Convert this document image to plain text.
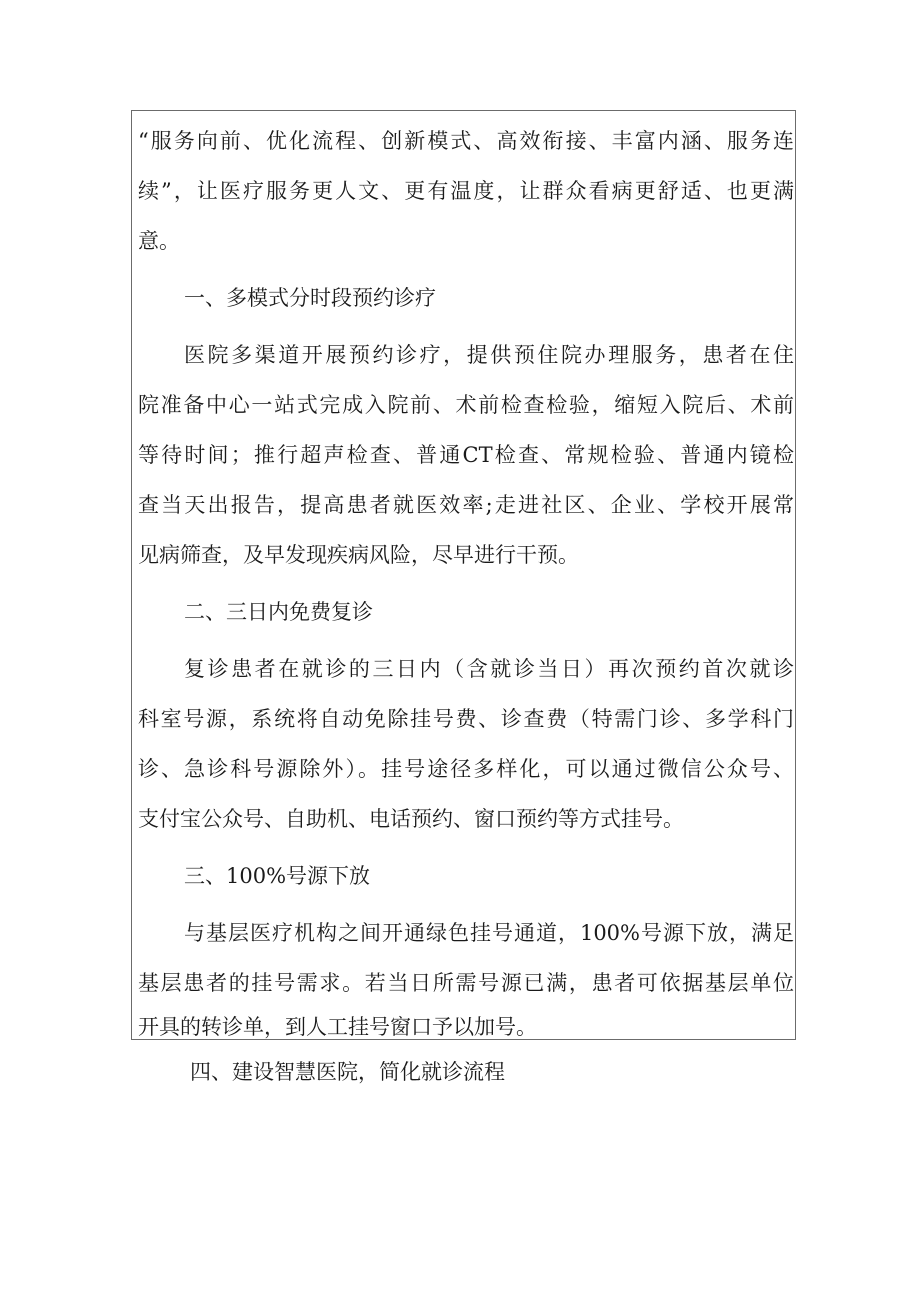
“服务向前、优化流程、创新模式、高效衔接、丰富内涵、服务连
续”，让医疗服务更人文、更有温度，让群众看病更舒适、也更满
意。
一、多模式分时段预约诊疗
医院多渠道开展预约诊疗，提供预住院办理服务，患者在住
院准备中心一站式完成入院前、术前检查检验，缩短入院后、术前
等待时间；推行超声检查、普通CT检查、常规检验、普通内镜检
查当天出报告，提高患者就医效率;走进社区、企业、学校开展常
见病筛查，及早发现疾病风险，尽早进行干预。
二、三日内免费复诊
复诊患者在就诊的三日内（含就诊当日）再次预约首次就诊
科室号源，系统将自动免除挂号费、诊查费（特需门诊、多学科门
诊、急诊科号源除外）。挂号途径多样化，可以通过微信公众号、
支付宝公众号、自助机、电话预约、窗口预约等方式挂号。
三、100%号源下放
与基层医疗机构之间开通绿色挂号通道，100%号源下放，满足
基层患者的挂号需求。若当日所需号源已满，患者可依据基层单位
开具的转诊单，到人工挂号窗口予以加号。
四、建设智慧医院，简化就诊流程
